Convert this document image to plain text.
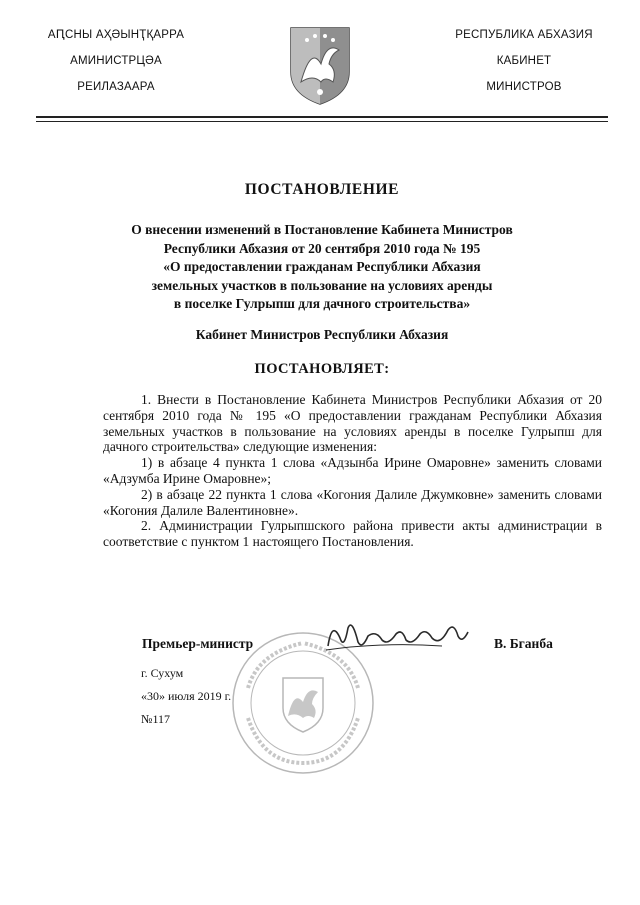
АԤСНЫ АҲӘЫНҬҚАРРА
АМИНИСТРЦӘА
РЕИЛАЗААРА
РЕСПУБЛИКА АБХАЗИЯ
КАБИНЕТ
МИНИСТРОВ
ПОСТАНОВЛЕНИЕ
О внесении изменений в Постановление Кабинета Министров
Республики Абхазия от 20 сентября 2010 года № 195
«О предоставлении гражданам Республики Абхазия
земельных участков в пользование на условиях аренды
в поселке Гулрыпш для дачного строительства»
Кабинет Министров Республики Абхазия
ПОСТАНОВЛЯЕТ:

1. Внести в Постановление Кабинета Министров Республики Абхазия от 20 сентября 2010 года № 195 «О предоставлении гражданам Республики Абхазия земельных участков в пользование на условиях аренды в поселке Гулрыпш для дачного строительства» следующие изменения:

1) в абзаце 4 пункта 1 слова «Адзынба Ирине Омаровне» заменить словами «Адзумба Ирине Омаровне»;

2) в абзаце 22 пункта 1 слова «Когония Далиле Джумковне» заменить словами «Когония Далиле Валентиновне».

2. Администрации Гулрыпшского района привести акты администрации в соответствие с пунктом 1 настоящего Постановления.

Премьер-министр	В. Бганба
г. Сухум
«30» июля 2019 г.
№117
